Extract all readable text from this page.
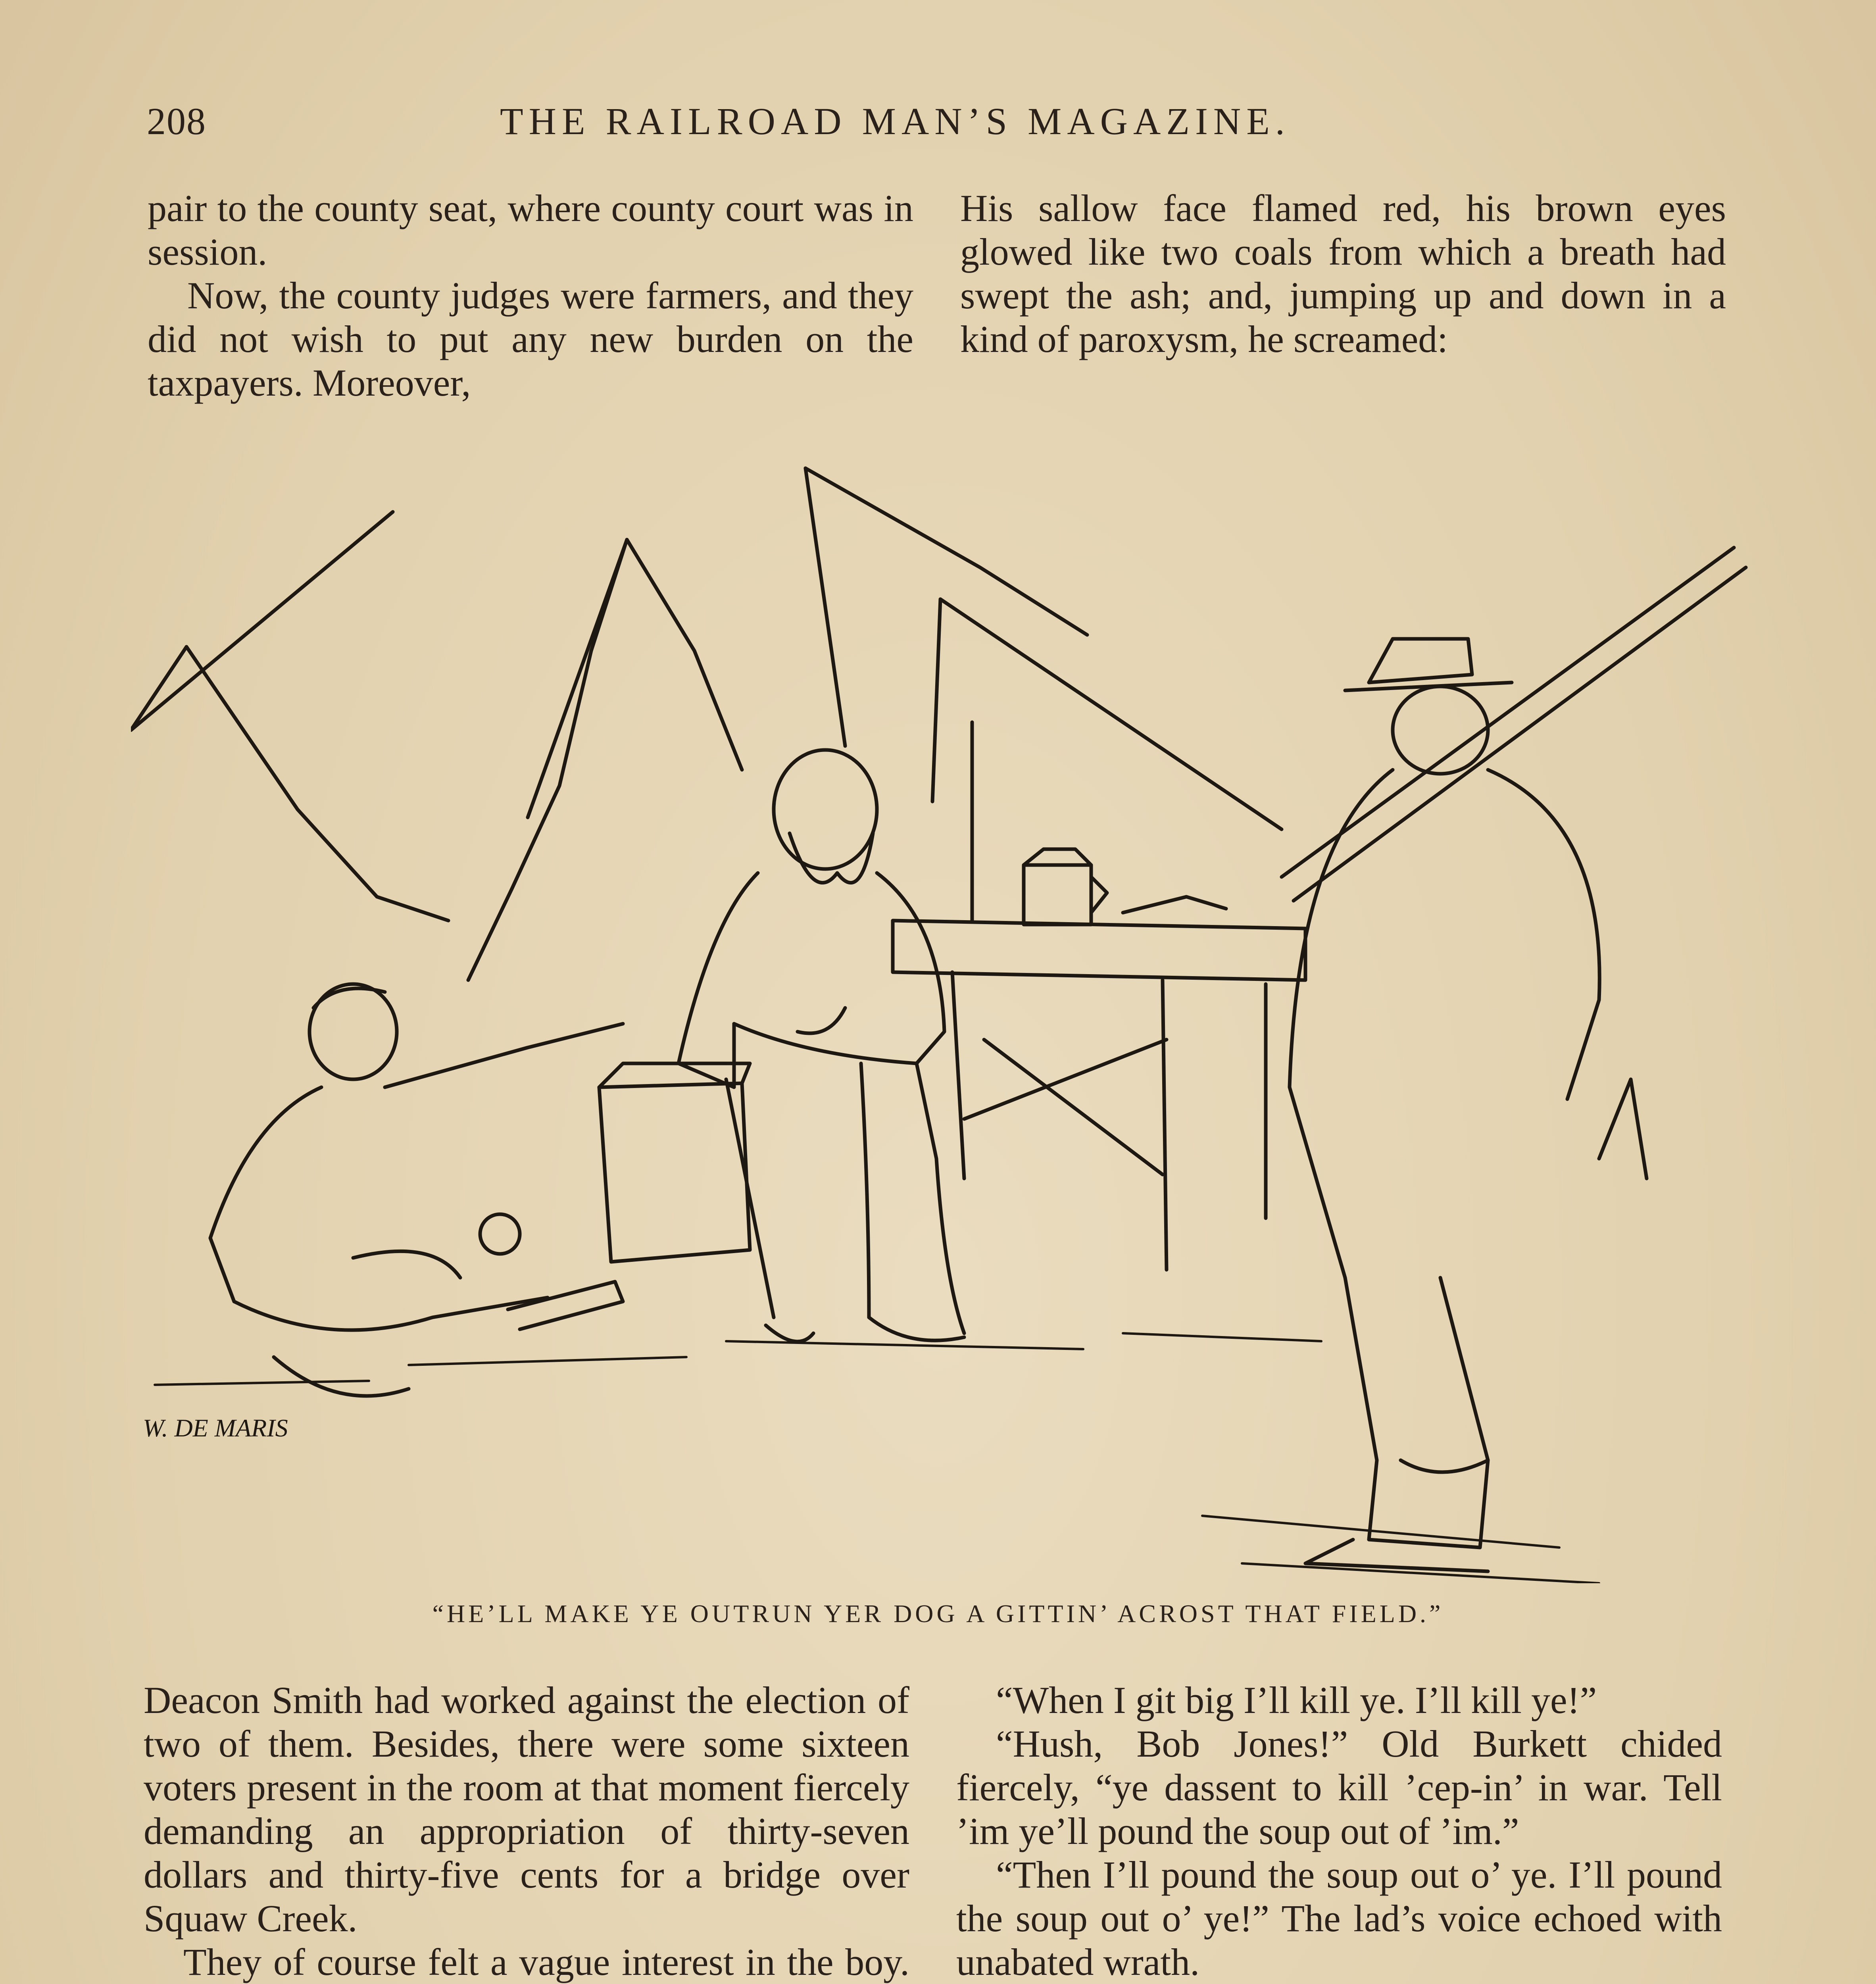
208	THE RAILROAD MAN’S MAGAZINE.

pair to the county seat, where county court was in session.

Now, the county judges were farmers, and they did not wish to put any new burden on the taxpayers. Moreover,

His sallow face flamed red, his brown eyes glowed like two coals from which a breath had swept the ash; and, jumping up and down in a kind of paroxysm, he screamed:

W. DE MARIS
“HE’LL MAKE YE OUTRUN YER DOG A GITTIN’ ACROST THAT FIELD.”

Deacon Smith had worked against the election of two of them. Besides, there were some sixteen voters present in the room at that moment fiercely demanding an appropriation of thirty-seven dollars and thirty-five cents for a bridge over Squaw Creek.

They of course felt a vague interest in the boy.

“When I git big I’ll kill ye. I’ll kill ye!”

“Hush, Bob Jones!” Old Burkett chided fiercely, “ye dassent to kill ’cep-in’ in war. Tell ’im ye’ll pound the soup out of ’im.”

“Then I’ll pound the soup out o’ ye. I’ll pound the soup out o’ ye!” The lad’s voice echoed with unabated wrath.
